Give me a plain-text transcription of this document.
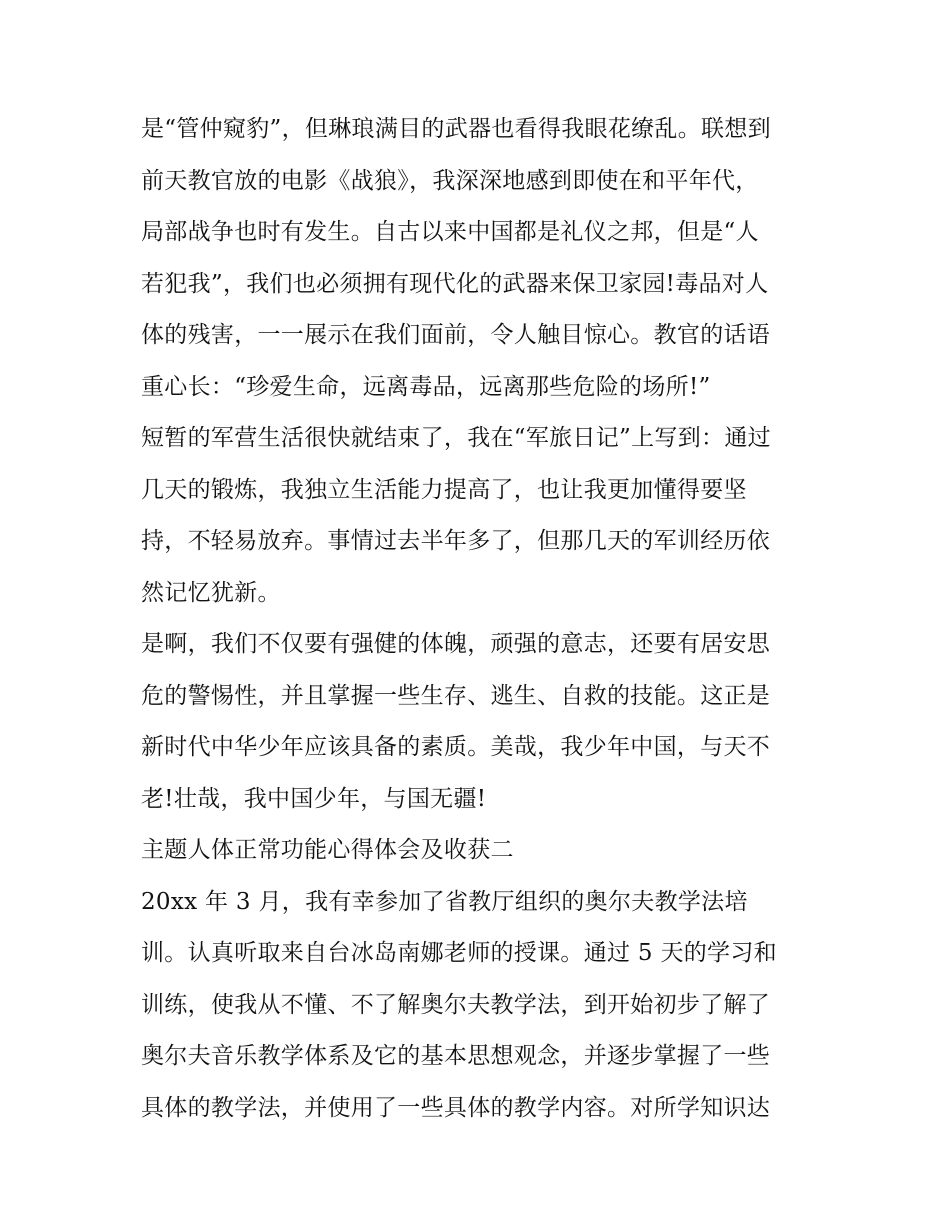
是“管仲窥豹”，但琳琅满目的武器也看得我眼花缭乱。联想到
前天教官放的电影《战狼》，我深深地感到即使在和平年代，
局部战争也时有发生。自古以来中国都是礼仪之邦，但是“人
若犯我”，我们也必须拥有现代化的武器来保卫家园!毒品对人
体的残害，一一展示在我们面前，令人触目惊心。教官的话语
重心长：“珍爱生命，远离毒品，远离那些危险的场所!”
短暂的军营生活很快就结束了，我在“军旅日记”上写到：通过
几天的锻炼，我独立生活能力提高了，也让我更加懂得要坚
持，不轻易放弃。事情过去半年多了，但那几天的军训经历依
然记忆犹新。
是啊，我们不仅要有强健的体魄，顽强的意志，还要有居安思
危的警惕性，并且掌握一些生存、逃生、自救的技能。这正是
新时代中华少年应该具备的素质。美哉，我少年中国，与天不
老!壮哉，我中国少年，与国无疆!
主题人体正常功能心得体会及收获二
20xx 年 3 月，我有幸参加了省教厅组织的奥尔夫教学法培
训。认真听取来自台冰岛南娜老师的授课。通过 5 天的学习和
训练，使我从不懂、不了解奥尔夫教学法，到开始初步了解了
奥尔夫音乐教学体系及它的基本思想观念，并逐步掌握了一些
具体的教学法，并使用了一些具体的教学内容。对所学知识达
